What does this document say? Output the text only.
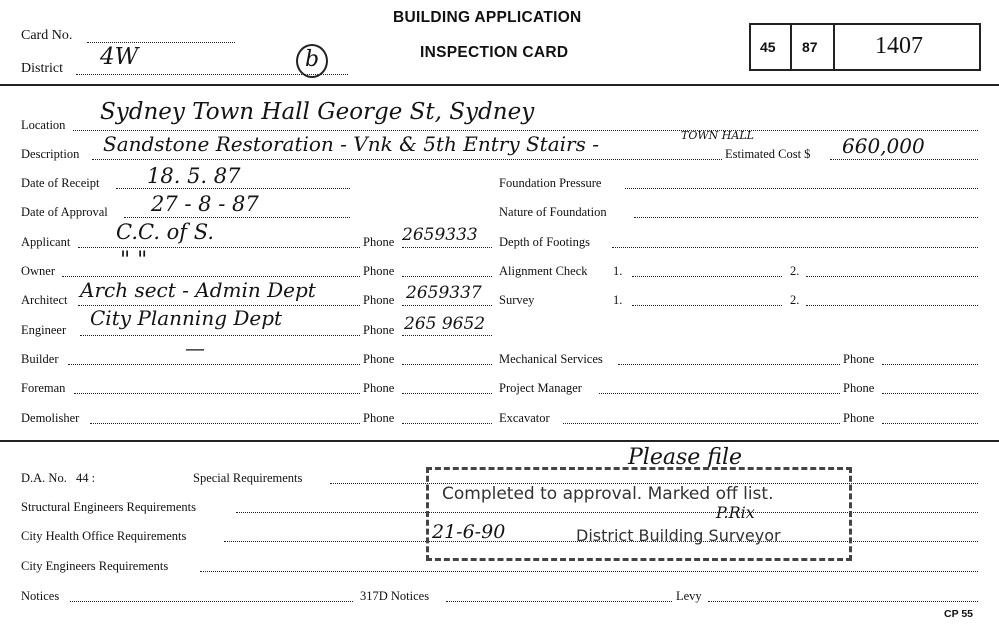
Card No.
District 4W	b
BUILDING APPLICATION
INSPECTION CARD	45 87 1407
Location Sydney Town Hall George St, Sydney
Description Sandstone Restoration - Vnk & 5th Entry Stairs -	TOWN HALL
Estimated Cost $ 660,000
Date of Receipt 18. 5. 87
Date of Approval 27 - 8 - 87
Applicant C.C. of S.	Phone 2659333
Owner	" "	Phone
Architect Arch sect - Admin Dept	Phone 2659337
Engineer City Planning Dept	Phone 265 9652
Builder	—	Phone
Foreman	Phone
Demolisher	Phone
Foundation Pressure
Nature of Foundation
Depth of Footings
Alignment Check 1.	2.
Survey	1.	2.
Mechanical Services	Phone
Project Manager	Phone
Excavator	Phone
D.A. No. 44 :	Special Requirements
Structural Engineers Requirements
City Health Office Requirements
City Engineers Requirements
Notices	317D Notices	Levy
CP 55
Please file
Completed to approval. Marked off list.
P.Rix
21-6-90	District Building Surveyor
